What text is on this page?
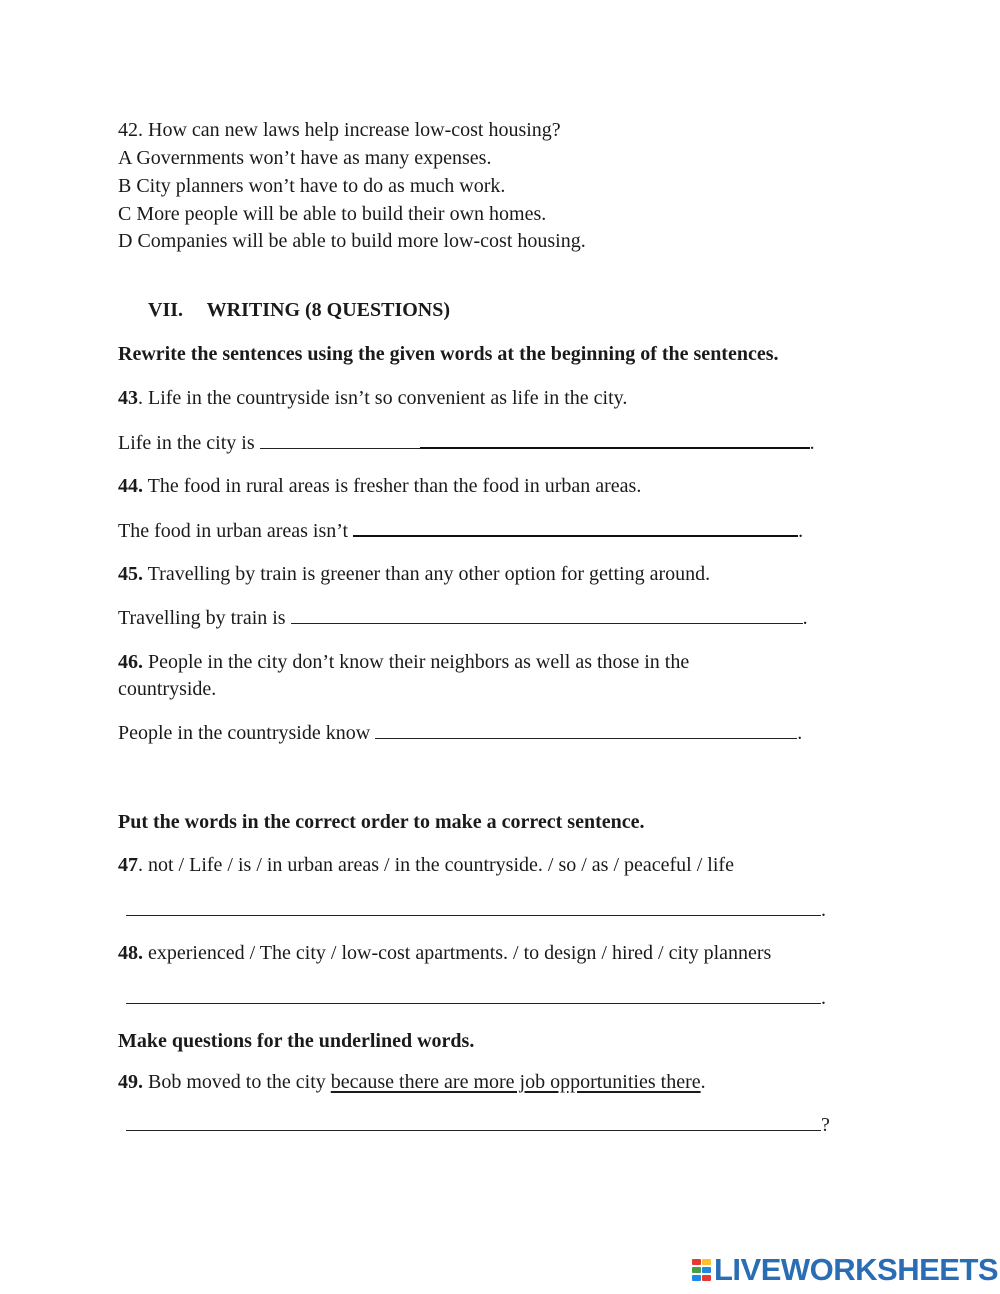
42. How can new laws help increase low-cost housing?
A Governments won’t have as many expenses.
B City planners won’t have to do as much work.
C More people will be able to build their own homes.
D Companies will be able to build more low-cost housing.
VII. WRITING (8 QUESTIONS)
Rewrite the sentences using the given words at the beginning of the sentences.
43. Life in the countryside isn’t so convenient as life in the city.
Life in the city is	.
44. The food in rural areas is fresher than the food in urban areas.
The food in urban areas isn’t	.
45. Travelling by train is greener than any other option for getting around.
Travelling by train is	.
46. People in the city don’t know their neighbors as well as those in the
countryside.
People in the countryside know	.
Put the words in the correct order to make a correct sentence.
47. not / Life / is / in urban areas / in the countryside. / so / as / peaceful / life
.
48. experienced / The city / low-cost apartments. / to design / hired / city planners
.
Make questions for the underlined words.
49. Bob moved to the city because there are more job opportunities there.
?
LIVEWORKSHEETS
